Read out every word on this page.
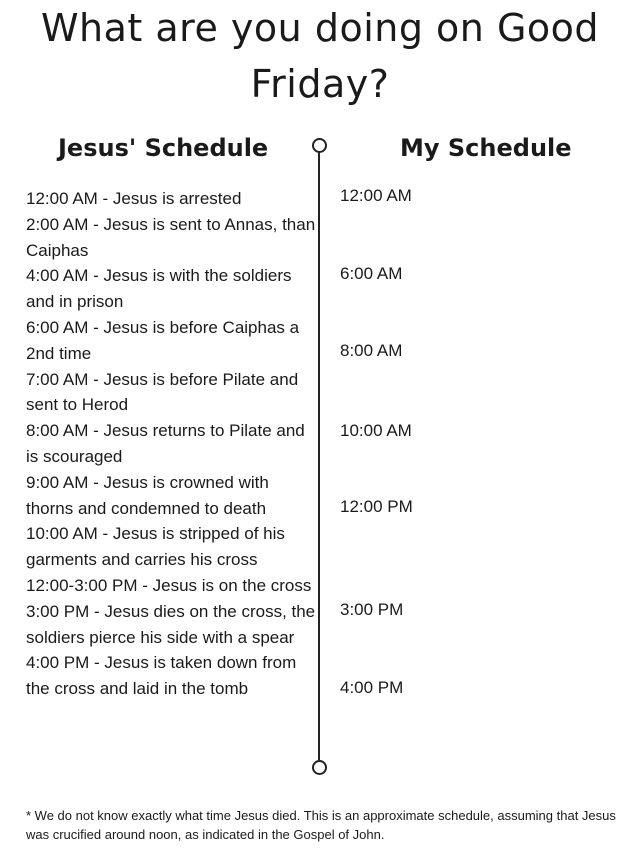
What are you doing on Good
Friday?
Jesus' Schedule	My Schedule
12:00 AM - Jesus is arrested
2:00 AM - Jesus is sent to Annas, than Caiphas
4:00 AM - Jesus is with the soldiers and in prison
6:00 AM - Jesus is before Caiphas a 2nd time
7:00 AM - Jesus is before Pilate and sent to Herod
8:00 AM - Jesus returns to Pilate and is scouraged
9:00 AM - Jesus is crowned with thorns and condemned to death
10:00 AM - Jesus is stripped of his garments and carries his cross
12:00-3:00 PM - Jesus is on the cross
3:00 PM - Jesus dies on the cross, the soldiers pierce his side with a spear
4:00 PM - Jesus is taken down from the cross and laid in the tomb
12:00 AM
6:00 AM
8:00 AM
10:00 AM
12:00 PM
3:00 PM
4:00 PM

* We do not know exactly what time Jesus died. This is an approximate schedule, assuming that Jesus was crucified around noon, as indicated in the Gospel of John.
